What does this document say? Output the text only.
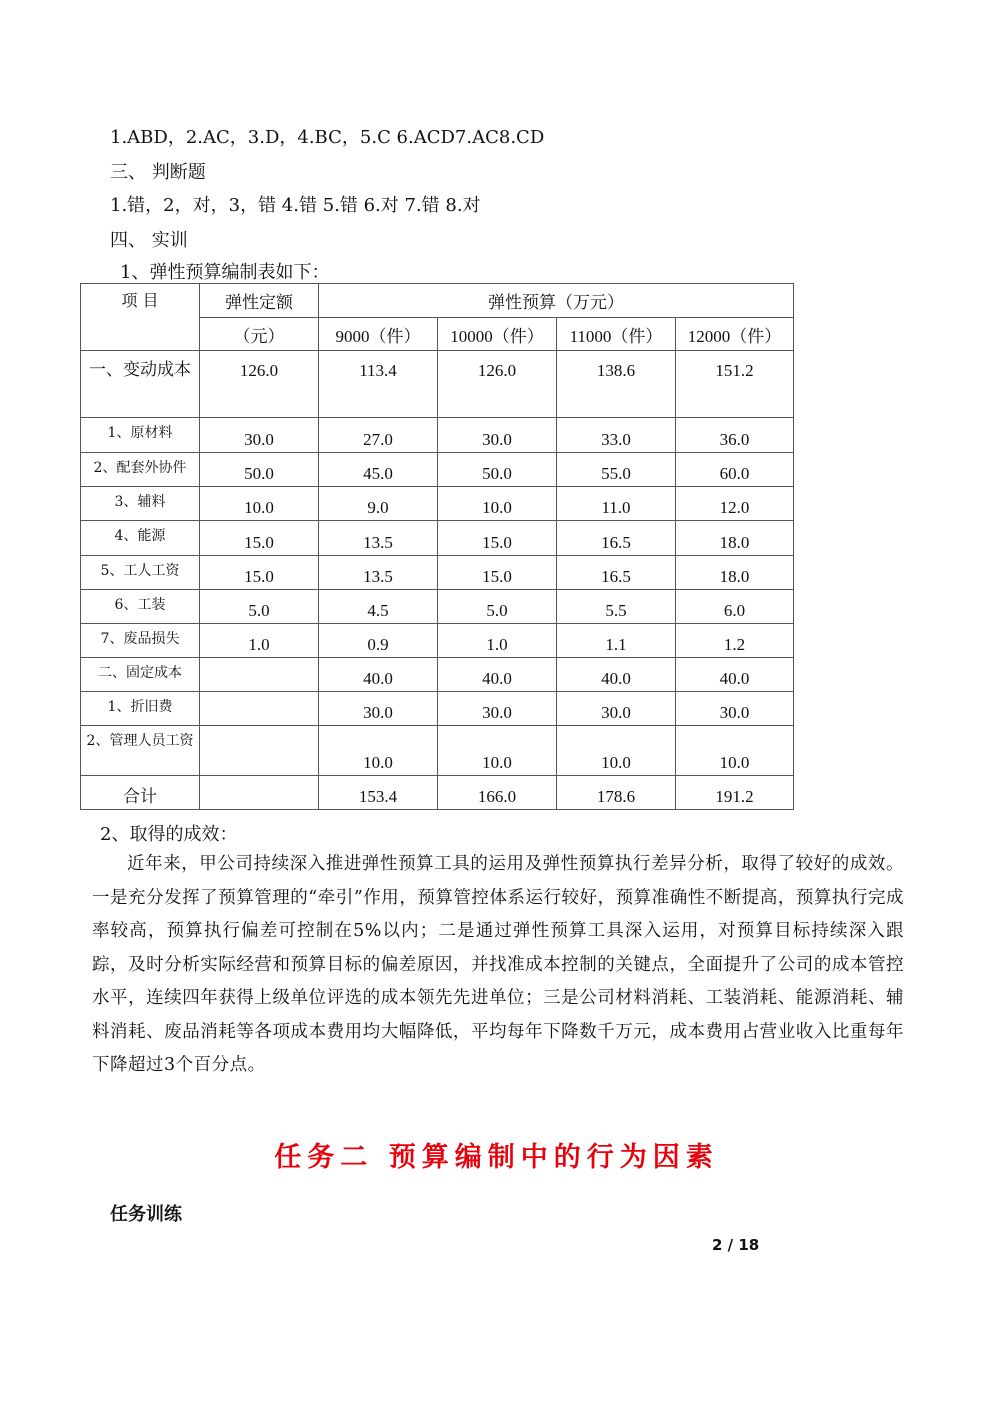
1.ABD，2.AC，3.D，4.BC，5.C 6.ACD7.AC8.CD
三、 判断题
1.错，2，对，3，错 4.错 5.错 6.对 7.错 8.对
四、 实训
1、弹性预算编制表如下：
项 目	弹性定额	弹性预算（万元）			
	（元）	9000（件）	10000（件）	11000（件）	12000（件）
一、变动成本	126.0	113.4	126.0	138.6	151.2
1、原材料	30.0	27.0	30.0	33.0	36.0
2、配套外协件	50.0	45.0	50.0	55.0	60.0
3、辅料	10.0	9.0	10.0	11.0	12.0
4、能源	15.0	13.5	15.0	16.5	18.0
5、工人工资	15.0	13.5	15.0	16.5	18.0
6、工装	5.0	4.5	5.0	5.5	6.0
7、废品损失	1.0	0.9	1.0	1.1	1.2
二、固定成本		40.0	40.0	40.0	40.0
1、折旧费		30.0	30.0	30.0	30.0
2、管理人员工资		10.0	10.0	10.0	10.0
合计		153.4	166.0	178.6	191.2
2、取得的成效：
近年来，甲公司持续深入推进弹性预算工具的运用及弹性预算执行差异分析，取得了较好的成效。一是充分发挥了预算管理的“牵引”作用，预算管控体系运行较好，预算准确性不断提高，预算执行完成率较高，预算执行偏差可控制在5%以内；二是通过弹性预算工具深入运用，对预算目标持续深入跟踪，及时分析实际经营和预算目标的偏差原因，并找准成本控制的关键点，全面提升了公司的成本管控水平，连续四年获得上级单位评选的成本领先先进单位；三是公司材料消耗、工装消耗、能源消耗、辅料消耗、废品消耗等各项成本费用均大幅降低，平均每年下降数千万元，成本费用占营业收入比重每年下降超过3个百分点。
任务二 预算编制中的行为因素
任务训练
2 / 18
